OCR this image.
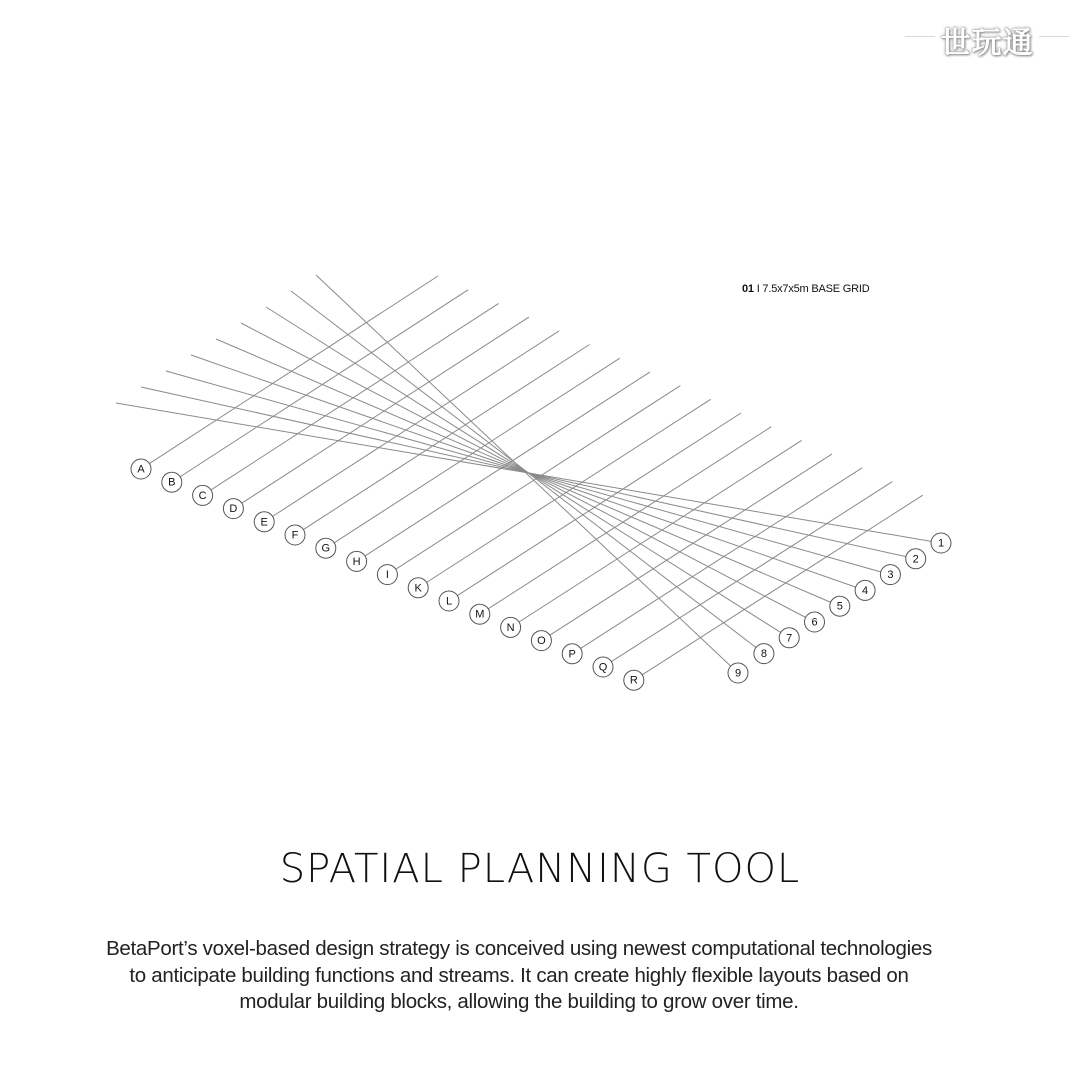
世玩通
A
B
C
D
E
F
G
H
I
K
L
M
N
O
P
Q
R
1
2
3
4
5
6
7
8
9
01 I 7.5x7x5m BASE GRID
SPATIAL PLANNING TOOL
BetaPort’s voxel-based design strategy is conceived using newest computational technologies to anticipate building functions and streams. It can create highly flexible layouts based on modular building blocks, allowing the building to grow over time.
